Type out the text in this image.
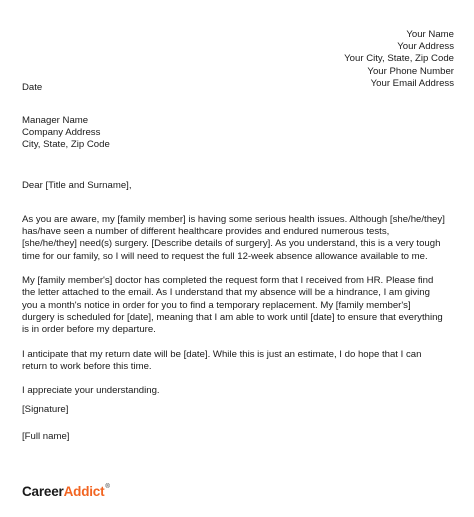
Your Name
Your Address
Your City, State, Zip Code
Your Phone Number
Your Email Address
Date
Manager Name
Company Address
City, State, Zip Code
Dear [Title and Surname],
As you are aware, my [family member] is having some serious health issues. Although [she/he/they]
has/have seen a number of different healthcare provides and endured numerous tests,
[she/he/they] need(s) surgery. [Describe details of surgery]. As you understand, this is a very tough
time for our family, so I will need to request the full 12-week absence allowance available to me.
My [family member's] doctor has completed the request form that I received from HR. Please find
the letter attached to the email. As I understand that my absence will be a hindrance, I am giving
you a month's notice in order for you to find a temporary replacement. My [family member's]
durgery is scheduled for [date], meaning that I am able to work until [date] to ensure that everything
is in order before my departure.
I anticipate that my return date will be [date]. While this is just an estimate, I do hope that I can
return to work before this time.
I appreciate your understanding.
[Signature]
[Full name]
CareerAddict®
